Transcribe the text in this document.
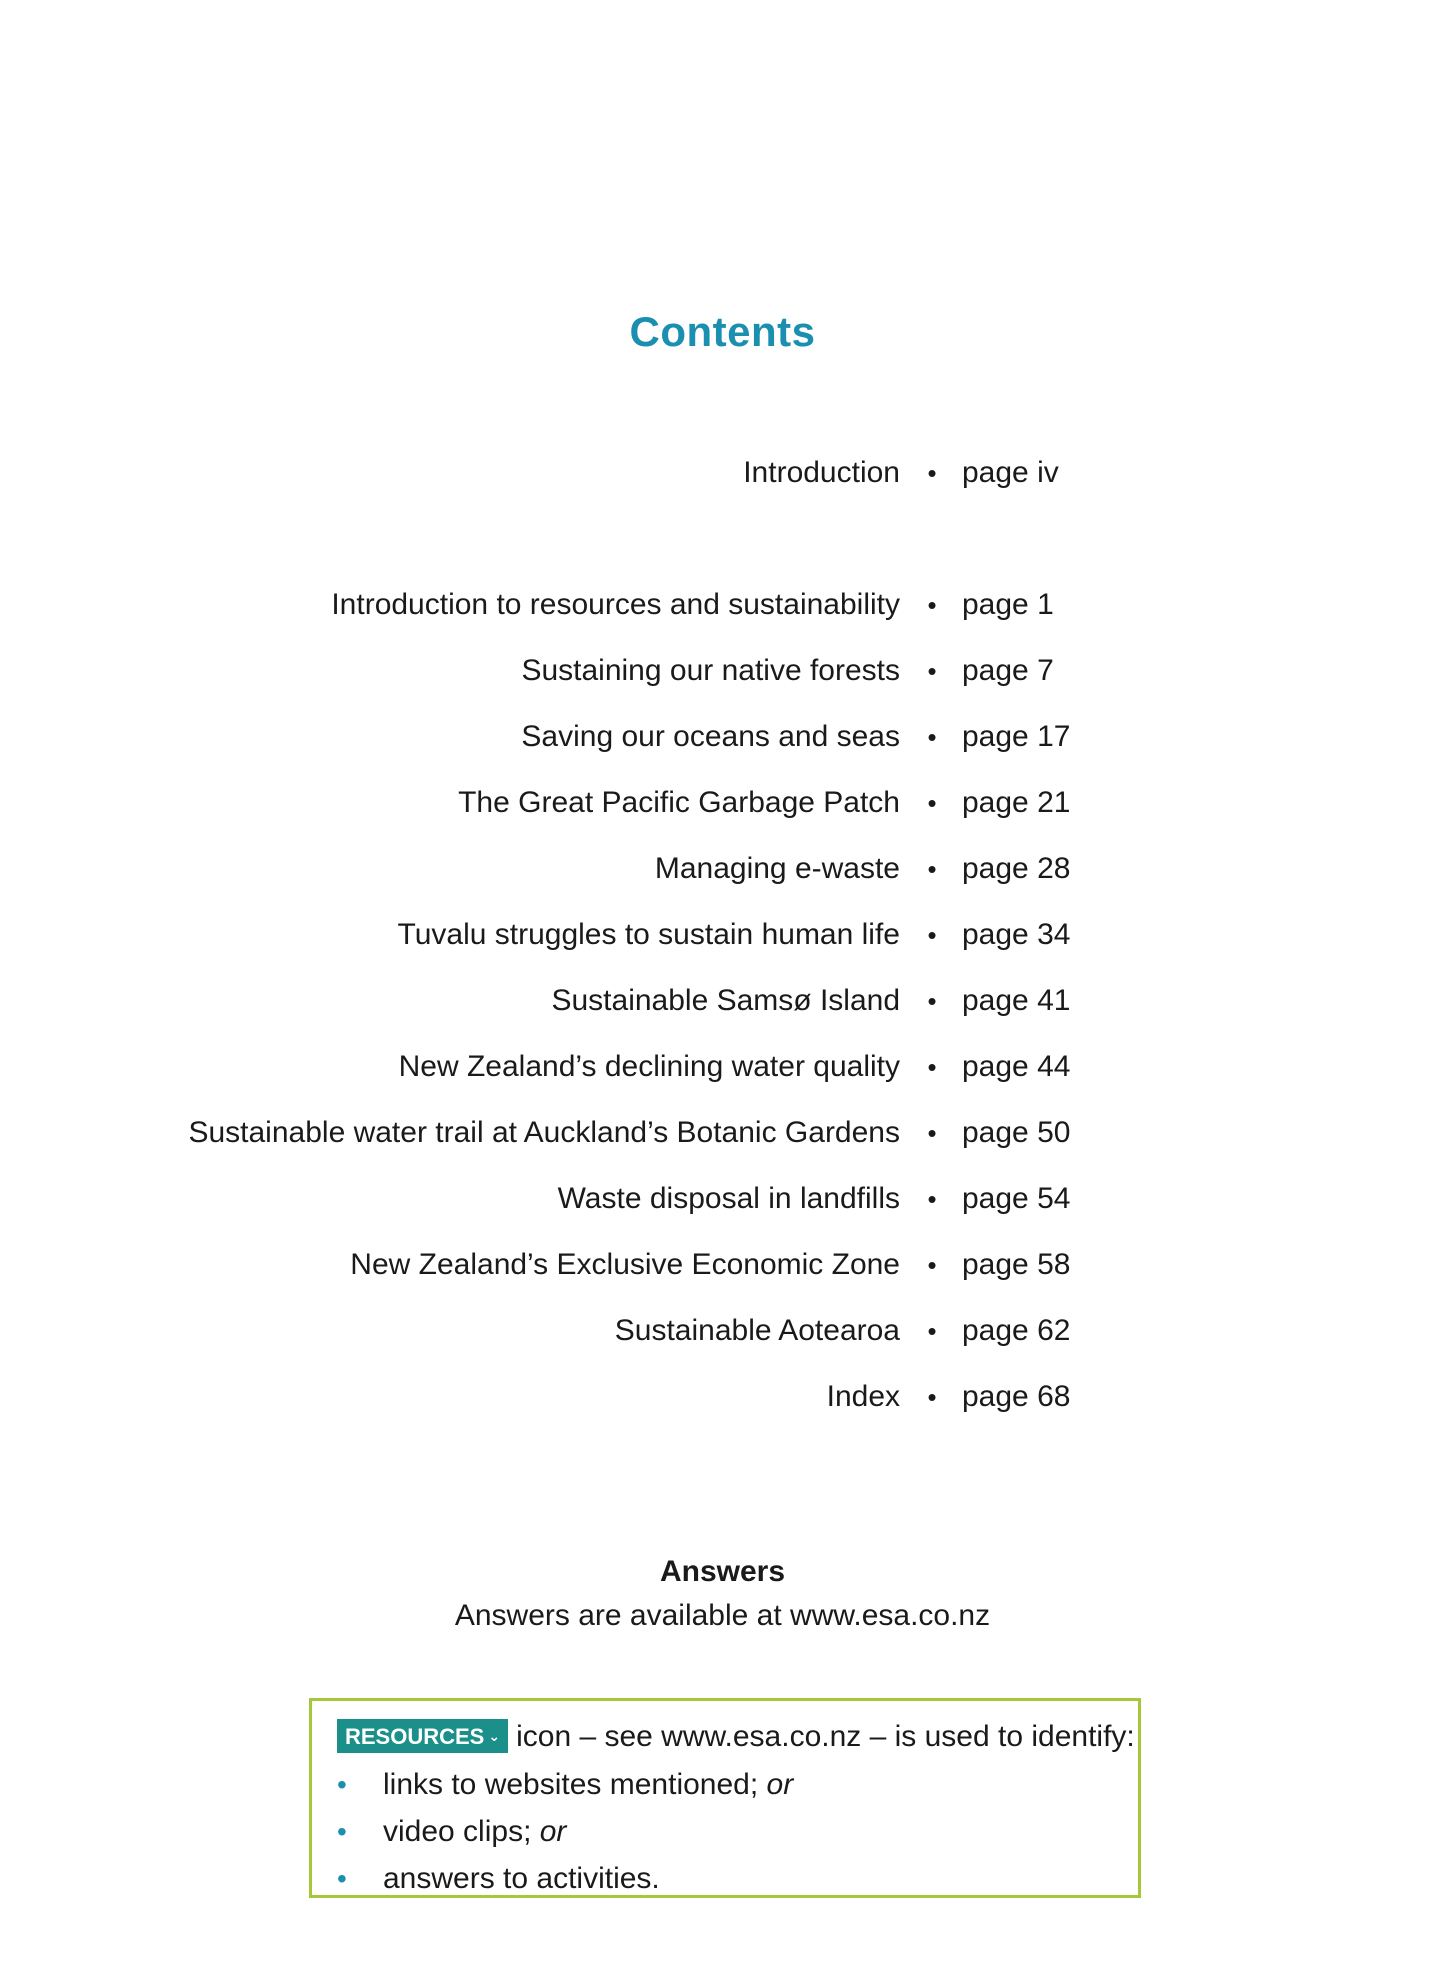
Contents
Introduction • page iv
Introduction to resources and sustainability • page 1
Sustaining our native forests • page 7
Saving our oceans and seas • page 17
The Great Pacific Garbage Patch • page 21
Managing e-waste • page 28
Tuvalu struggles to sustain human life • page 34
Sustainable Samsø Island • page 41
New Zealand’s declining water quality • page 44
Sustainable water trail at Auckland’s Botanic Gardens • page 50
Waste disposal in landfills • page 54
New Zealand’s Exclusive Economic Zone • page 58
Sustainable Aotearoa • page 62
Index • page 68
Answers
Answers are available at www.esa.co.nz
RESOURCES ⌄ icon – see www.esa.co.nz – is used to identify:
•	links to websites mentioned; or
•	video clips; or
•	answers to activities.
